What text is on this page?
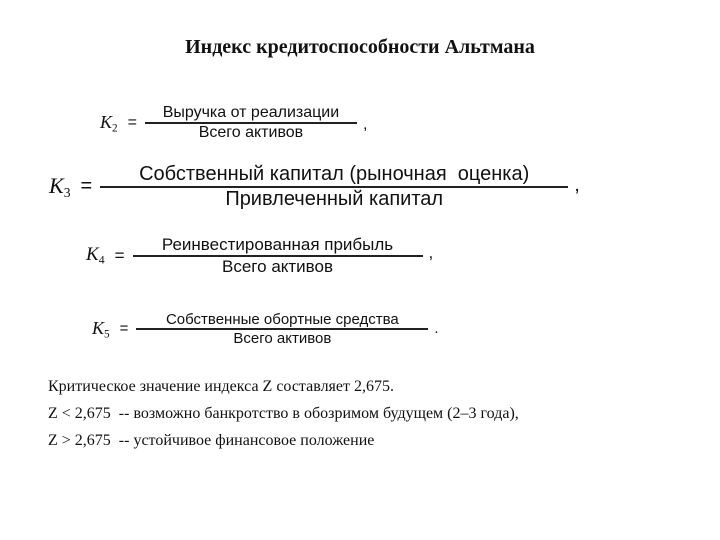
Индекс кредитоспособности Альтмана
$K_2 = \frac{\text{Выручка от реализации}}{\text{Всего активов}}$ ,
$K_3 = \frac{\text{Собственный капитал (рыночная  оценка)}}{\text{Привлеченный капитал}}$ ,
$K_4 = \frac{\text{Реинвестированная прибыль}}{\text{Всего активов}}$ ,
$K_5 = \frac{\text{Собственные обортные средства}}{\text{Всего активов}}$ .
Критическое значение индекса Z составляет 2,675.
Z < 2,675  -- возможно банкротство в обозримом будущем (2–3 года),
Z > 2,675  -- устойчивое финансовое положение
